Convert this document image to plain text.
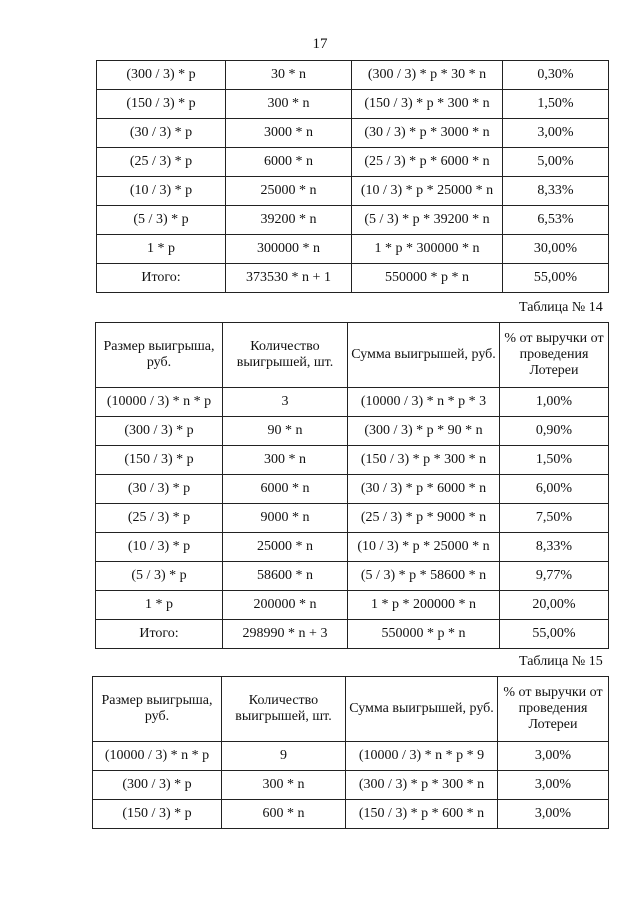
17
(300 / 3) * p	30 * n	(300 / 3) * p * 30 * n	0,30%
(150 / 3) * p	300 * n	(150 / 3) * p * 300 * n	1,50%
(30 / 3) * p	3000 * n	(30 / 3) * p * 3000 * n	3,00%
(25 / 3) * p	6000 * n	(25 / 3) * p * 6000 * n	5,00%
(10 / 3) * p	25000 * n	(10 / 3) * p * 25000 * n	8,33%
(5 / 3) * p	39200 * n	(5 / 3) * p * 39200 * n	6,53%
1 * p	300000 * n	1 * p * 300000 * n	30,00%
Итого:	373530 * n + 1	550000 * p * n	55,00%
Таблица № 14
Размер выигрыша, руб.	Количество выигрышей, шт.	Сумма выигрышей, руб.	% от выручки от проведения Лотереи
(10000 / 3) * n * p	3	(10000 / 3) * n * p * 3	1,00%
(300 / 3) * p	90 * n	(300 / 3) * p * 90 * n	0,90%
(150 / 3) * p	300 * n	(150 / 3) * p * 300 * n	1,50%
(30 / 3) * p	6000 * n	(30 / 3) * p * 6000 * n	6,00%
(25 / 3) * p	9000 * n	(25 / 3) * p * 9000 * n	7,50%
(10 / 3) * p	25000 * n	(10 / 3) * p * 25000 * n	8,33%
(5 / 3) * p	58600 * n	(5 / 3) * p * 58600 * n	9,77%
1 * p	200000 * n	1 * p * 200000 * n	20,00%
Итого:	298990 * n + 3	550000 * p * n	55,00%
Таблица № 15
Размер выигрыша, руб.	Количество выигрышей, шт.	Сумма выигрышей, руб.	% от выручки от проведения Лотереи
(10000 / 3) * n * p	9	(10000 / 3) * n * p * 9	3,00%
(300 / 3) * p	300 * n	(300 / 3) * p * 300 * n	3,00%
(150 / 3) * p	600 * n	(150 / 3) * p * 600 * n	3,00%
